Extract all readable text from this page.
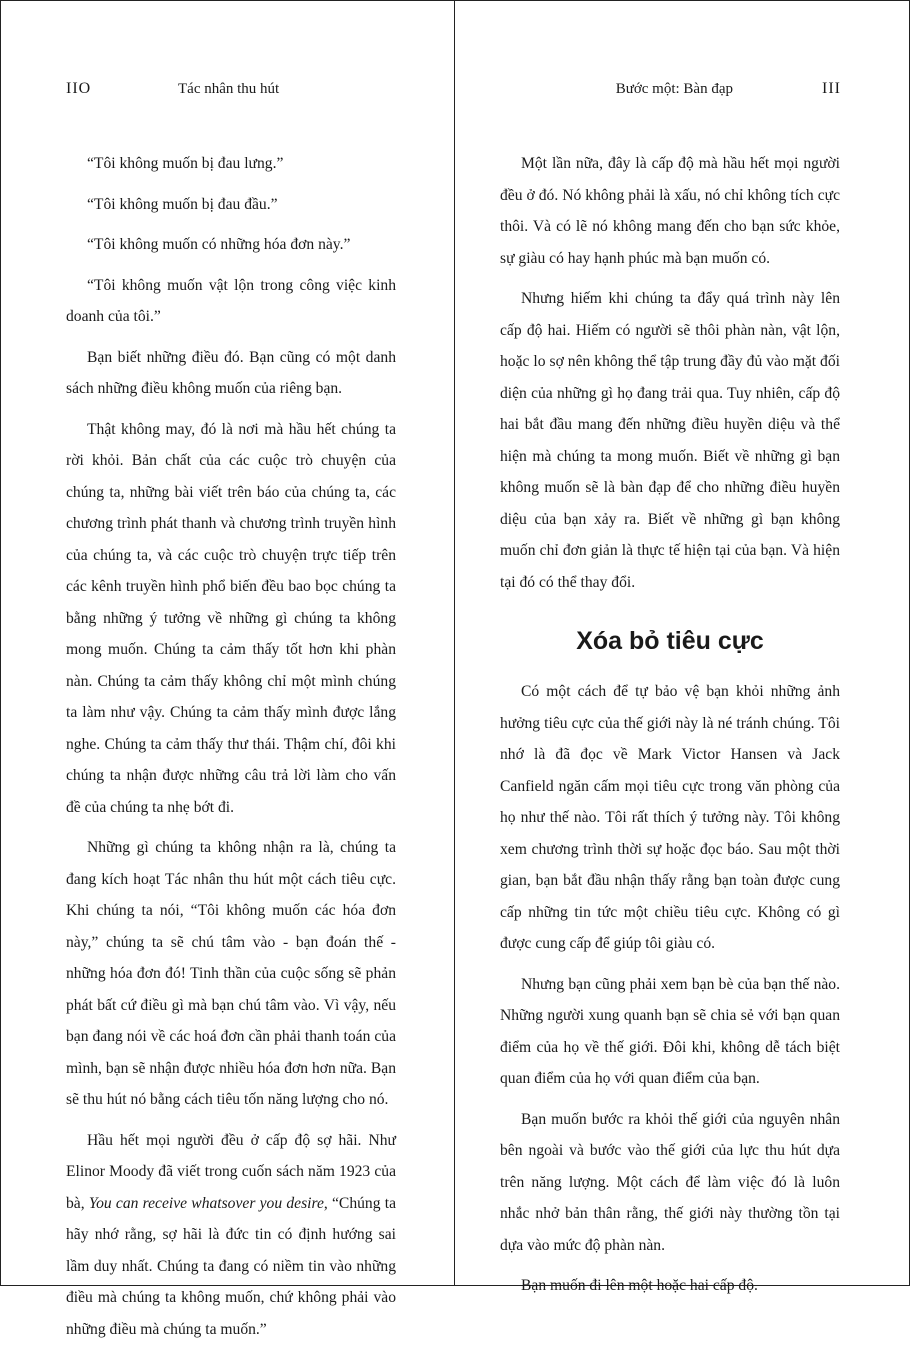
IIO	Tác nhân thu hút

“Tôi không muốn bị đau lưng.”

“Tôi không muốn bị đau đầu.”

“Tôi không muốn có những hóa đơn này.”

“Tôi không muốn vật lộn trong công việc kinh doanh của tôi.”

Bạn biết những điều đó. Bạn cũng có một danh sách những điều không muốn của riêng bạn.

Thật không may, đó là nơi mà hầu hết chúng ta rời khỏi. Bản chất của các cuộc trò chuyện của chúng ta, những bài viết trên báo của chúng ta, các chương trình phát thanh và chương trình truyền hình của chúng ta, và các cuộc trò chuyện trực tiếp trên các kênh truyền hình phổ biến đều bao bọc chúng ta bằng những ý tưởng về những gì chúng ta không mong muốn. Chúng ta cảm thấy tốt hơn khi phàn nàn. Chúng ta cảm thấy không chỉ một mình chúng ta làm như vậy. Chúng ta cảm thấy mình được lắng nghe. Chúng ta cảm thấy thư thái. Thậm chí, đôi khi chúng ta nhận được những câu trả lời làm cho vấn đề của chúng ta nhẹ bớt đi.

Những gì chúng ta không nhận ra là, chúng ta đang kích hoạt Tác nhân thu hút một cách tiêu cực. Khi chúng ta nói, “Tôi không muốn các hóa đơn này,” chúng ta sẽ chú tâm vào - bạn đoán thế - những hóa đơn đó! Tinh thần của cuộc sống sẽ phản phát bất cứ điều gì mà bạn chú tâm vào. Vì vậy, nếu bạn đang nói về các hoá đơn cần phải thanh toán của mình, bạn sẽ nhận được nhiều hóa đơn hơn nữa. Bạn sẽ thu hút nó bằng cách tiêu tốn năng lượng cho nó.

Hầu hết mọi người đều ở cấp độ sợ hãi. Như Elinor Moody đã viết trong cuốn sách năm 1923 của bà, You can receive whatsover you desire, “Chúng ta hãy nhớ rằng, sợ hãi là đức tin có định hướng sai lầm duy nhất. Chúng ta đang có niềm tin vào những điều mà chúng ta không muốn, chứ không phải vào những điều mà chúng ta muốn.”

Bước một: Bàn đạp	III

Một lần nữa, đây là cấp độ mà hầu hết mọi người đều ở đó. Nó không phải là xấu, nó chỉ không tích cực thôi. Và có lẽ nó không mang đến cho bạn sức khỏe, sự giàu có hay hạnh phúc mà bạn muốn có.

Nhưng hiếm khi chúng ta đẩy quá trình này lên cấp độ hai. Hiếm có người sẽ thôi phàn nàn, vật lộn, hoặc lo sợ nên không thể tập trung đầy đủ vào mặt đối diện của những gì họ đang trải qua. Tuy nhiên, cấp độ hai bắt đầu mang đến những điều huyền diệu và thể hiện mà chúng ta mong muốn. Biết về những gì bạn không muốn sẽ là bàn đạp để cho những điều huyền diệu của bạn xảy ra. Biết về những gì bạn không muốn chỉ đơn giản là thực tế hiện tại của bạn. Và hiện tại đó có thể thay đổi.

Xóa bỏ tiêu cực

Có một cách để tự bảo vệ bạn khỏi những ảnh hưởng tiêu cực của thế giới này là né tránh chúng. Tôi nhớ là đã đọc về Mark Victor Hansen và Jack Canfield ngăn cấm mọi tiêu cực trong văn phòng của họ như thế nào. Tôi rất thích ý tưởng này. Tôi không xem chương trình thời sự hoặc đọc báo. Sau một thời gian, bạn bắt đầu nhận thấy rằng bạn toàn được cung cấp những tin tức một chiều tiêu cực. Không có gì được cung cấp để giúp tôi giàu có.

Nhưng bạn cũng phải xem bạn bè của bạn thế nào. Những người xung quanh bạn sẽ chia sẻ với bạn quan điểm của họ về thế giới. Đôi khi, không dễ tách biệt quan điểm của họ với quan điểm của bạn.

Bạn muốn bước ra khỏi thế giới của nguyên nhân bên ngoài và bước vào thế giới của lực thu hút dựa trên năng lượng. Một cách để làm việc đó là luôn nhắc nhở bản thân rằng, thế giới này thường tồn tại dựa vào mức độ phàn nàn.

Bạn muốn đi lên một hoặc hai cấp độ.
